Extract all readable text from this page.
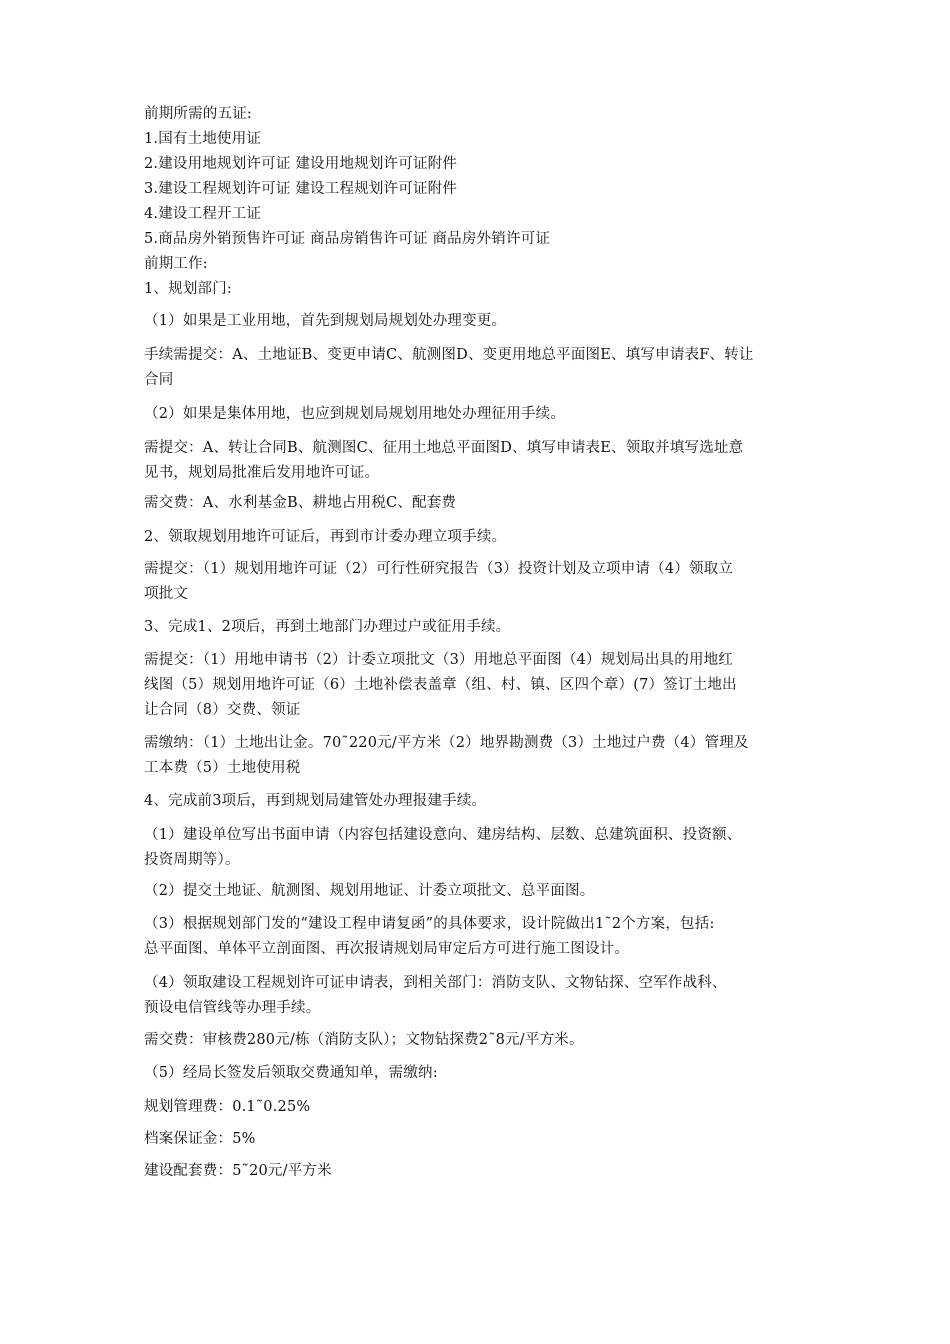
前期所需的五证:
1.国有土地使用证
2.建设用地规划许可证 建设用地规划许可证附件
3.建设工程规划许可证 建设工程规划许可证附件
4.建设工程开工证
5.商品房外销预售许可证 商品房销售许可证 商品房外销许可证
前期工作:
1、规划部门:
（1）如果是工业用地，首先到规划局规划处办理变更。
手续需提交：A、土地证B、变更申请C、航测图D、变更用地总平面图E、填写申请表F、转让
合同
（2）如果是集体用地，也应到规划局规划用地处办理征用手续。
需提交：A、转让合同B、航测图C、征用土地总平面图D、填写申请表E、领取并填写选址意
见书，规划局批准后发用地许可证。
需交费：A、水利基金B、耕地占用税C、配套费
2、领取规划用地许可证后，再到市计委办理立项手续。
需提交：（1）规划用地许可证（2）可行性研究报告（3）投资计划及立项申请（4）领取立
项批文
3、完成1、2项后，再到土地部门办理过户或征用手续。
需提交：（1）用地申请书（2）计委立项批文（3）用地总平面图（4）规划局出具的用地红
线图（5）规划用地许可证（6）土地补偿表盖章（组、村、镇、区四个章）(7）签订土地出
让合同（8）交费、领证
需缴纳：（1）土地出让金。70˜220元/平方米（2）地界勘测费（3）土地过户费（4）管理及
工本费（5）土地使用税
4、完成前3项后，再到规划局建管处办理报建手续。
（1）建设单位写出书面申请（内容包括建设意向、建房结构、层数、总建筑面积、投资额、
投资周期等）。
（2）提交土地证、航测图、规划用地证、计委立项批文、总平面图。
（3）根据规划部门发的“建设工程申请复函”的具体要求，设计院做出1˜2个方案，包括:
总平面图、单体平立剖面图、再次报请规划局审定后方可进行施工图设计。
（4）领取建设工程规划许可证申请表，到相关部门：消防支队、文物钻探、空军作战科、
预设电信管线等办理手续。
需交费：审核费280元/栋（消防支队）；文物钻探费2˜8元/平方米。
（5）经局长签发后领取交费通知单，需缴纳:
规划管理费：0.1˜0.25%
档案保证金：5%
建设配套费：5˜20元/平方米
